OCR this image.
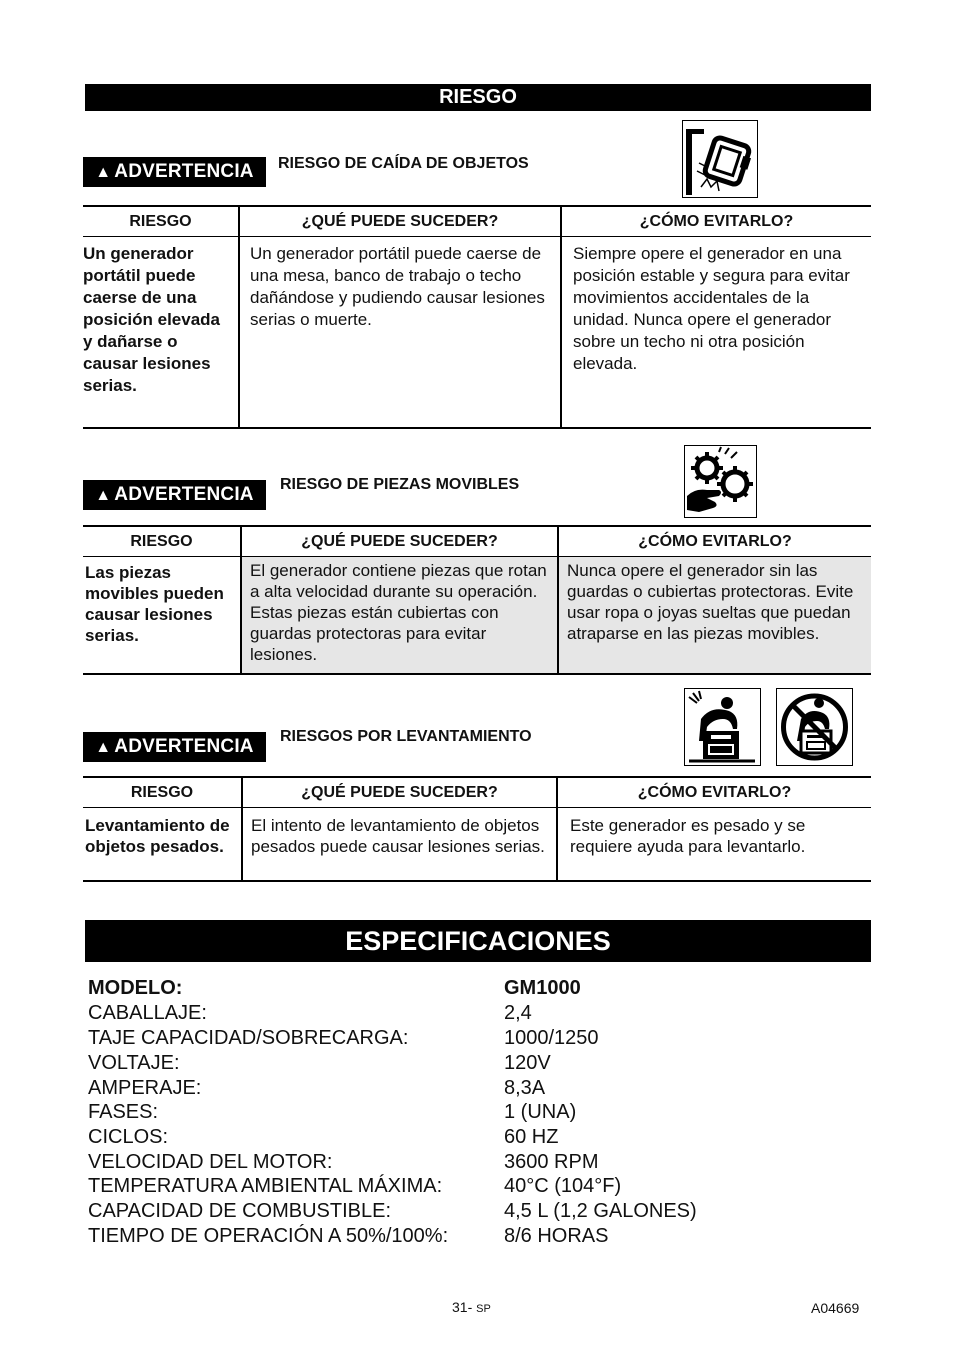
RIESGO
▲ ADVERTENCIA	RIESGO DE CAÍDA DE OBJETOS
RIESGO	¿QUÉ PUEDE SUCEDER?	¿CÓMO EVITARLO?
Un generador portátil puede caerse de una posición elevada y dañarse o causar lesiones serias.	Un generador portátil puede caerse de una mesa, banco de trabajo o techo dañándose y pudiendo causar lesiones serias o muerte.	Siempre opere el generador en una posición estable y segura para evitar movimientos accidentales de la unidad. Nunca opere el generador sobre un techo ni otra posición elevada.
▲ ADVERTENCIA	RIESGO DE PIEZAS MOVIBLES
RIESGO	¿QUÉ PUEDE SUCEDER?	¿CÓMO EVITARLO?
Las piezas movibles pueden causar lesiones serias.	El generador contiene piezas que rotan a alta velocidad durante su operación. Estas piezas están cubiertas con guardas protectoras para evitar lesiones.	Nunca opere el generador sin las guardas o cubiertas protectoras. Evite usar ropa o joyas sueltas que puedan atraparse en las piezas movibles.
▲ ADVERTENCIA	RIESGOS POR LEVANTAMIENTO
RIESGO	¿QUÉ PUEDE SUCEDER?	¿CÓMO EVITARLO?
Levantamiento de objetos pesados.	El intento de levantamiento de objetos pesados puede causar lesiones serias.	Este generador es pesado y se requiere ayuda para levantarlo.
ESPECIFICACIONES
MODELO:	GM1000
CABALLAJE:	2,4
TAJE CAPACIDAD/SOBRECARGA:	1000/1250
VOLTAJE:	120V
AMPERAJE:	8,3A
FASES:	1 (UNA)
CICLOS:	60 HZ
VELOCIDAD DEL MOTOR:	3600 RPM
TEMPERATURA AMBIENTAL MÁXIMA:	40°C (104°F)
CAPACIDAD DE COMBUSTIBLE:	4,5 L (1,2 GALONES)
TIEMPO DE OPERACIÓN A 50%/100%:	8/6 HORAS
31- SP	A04669
